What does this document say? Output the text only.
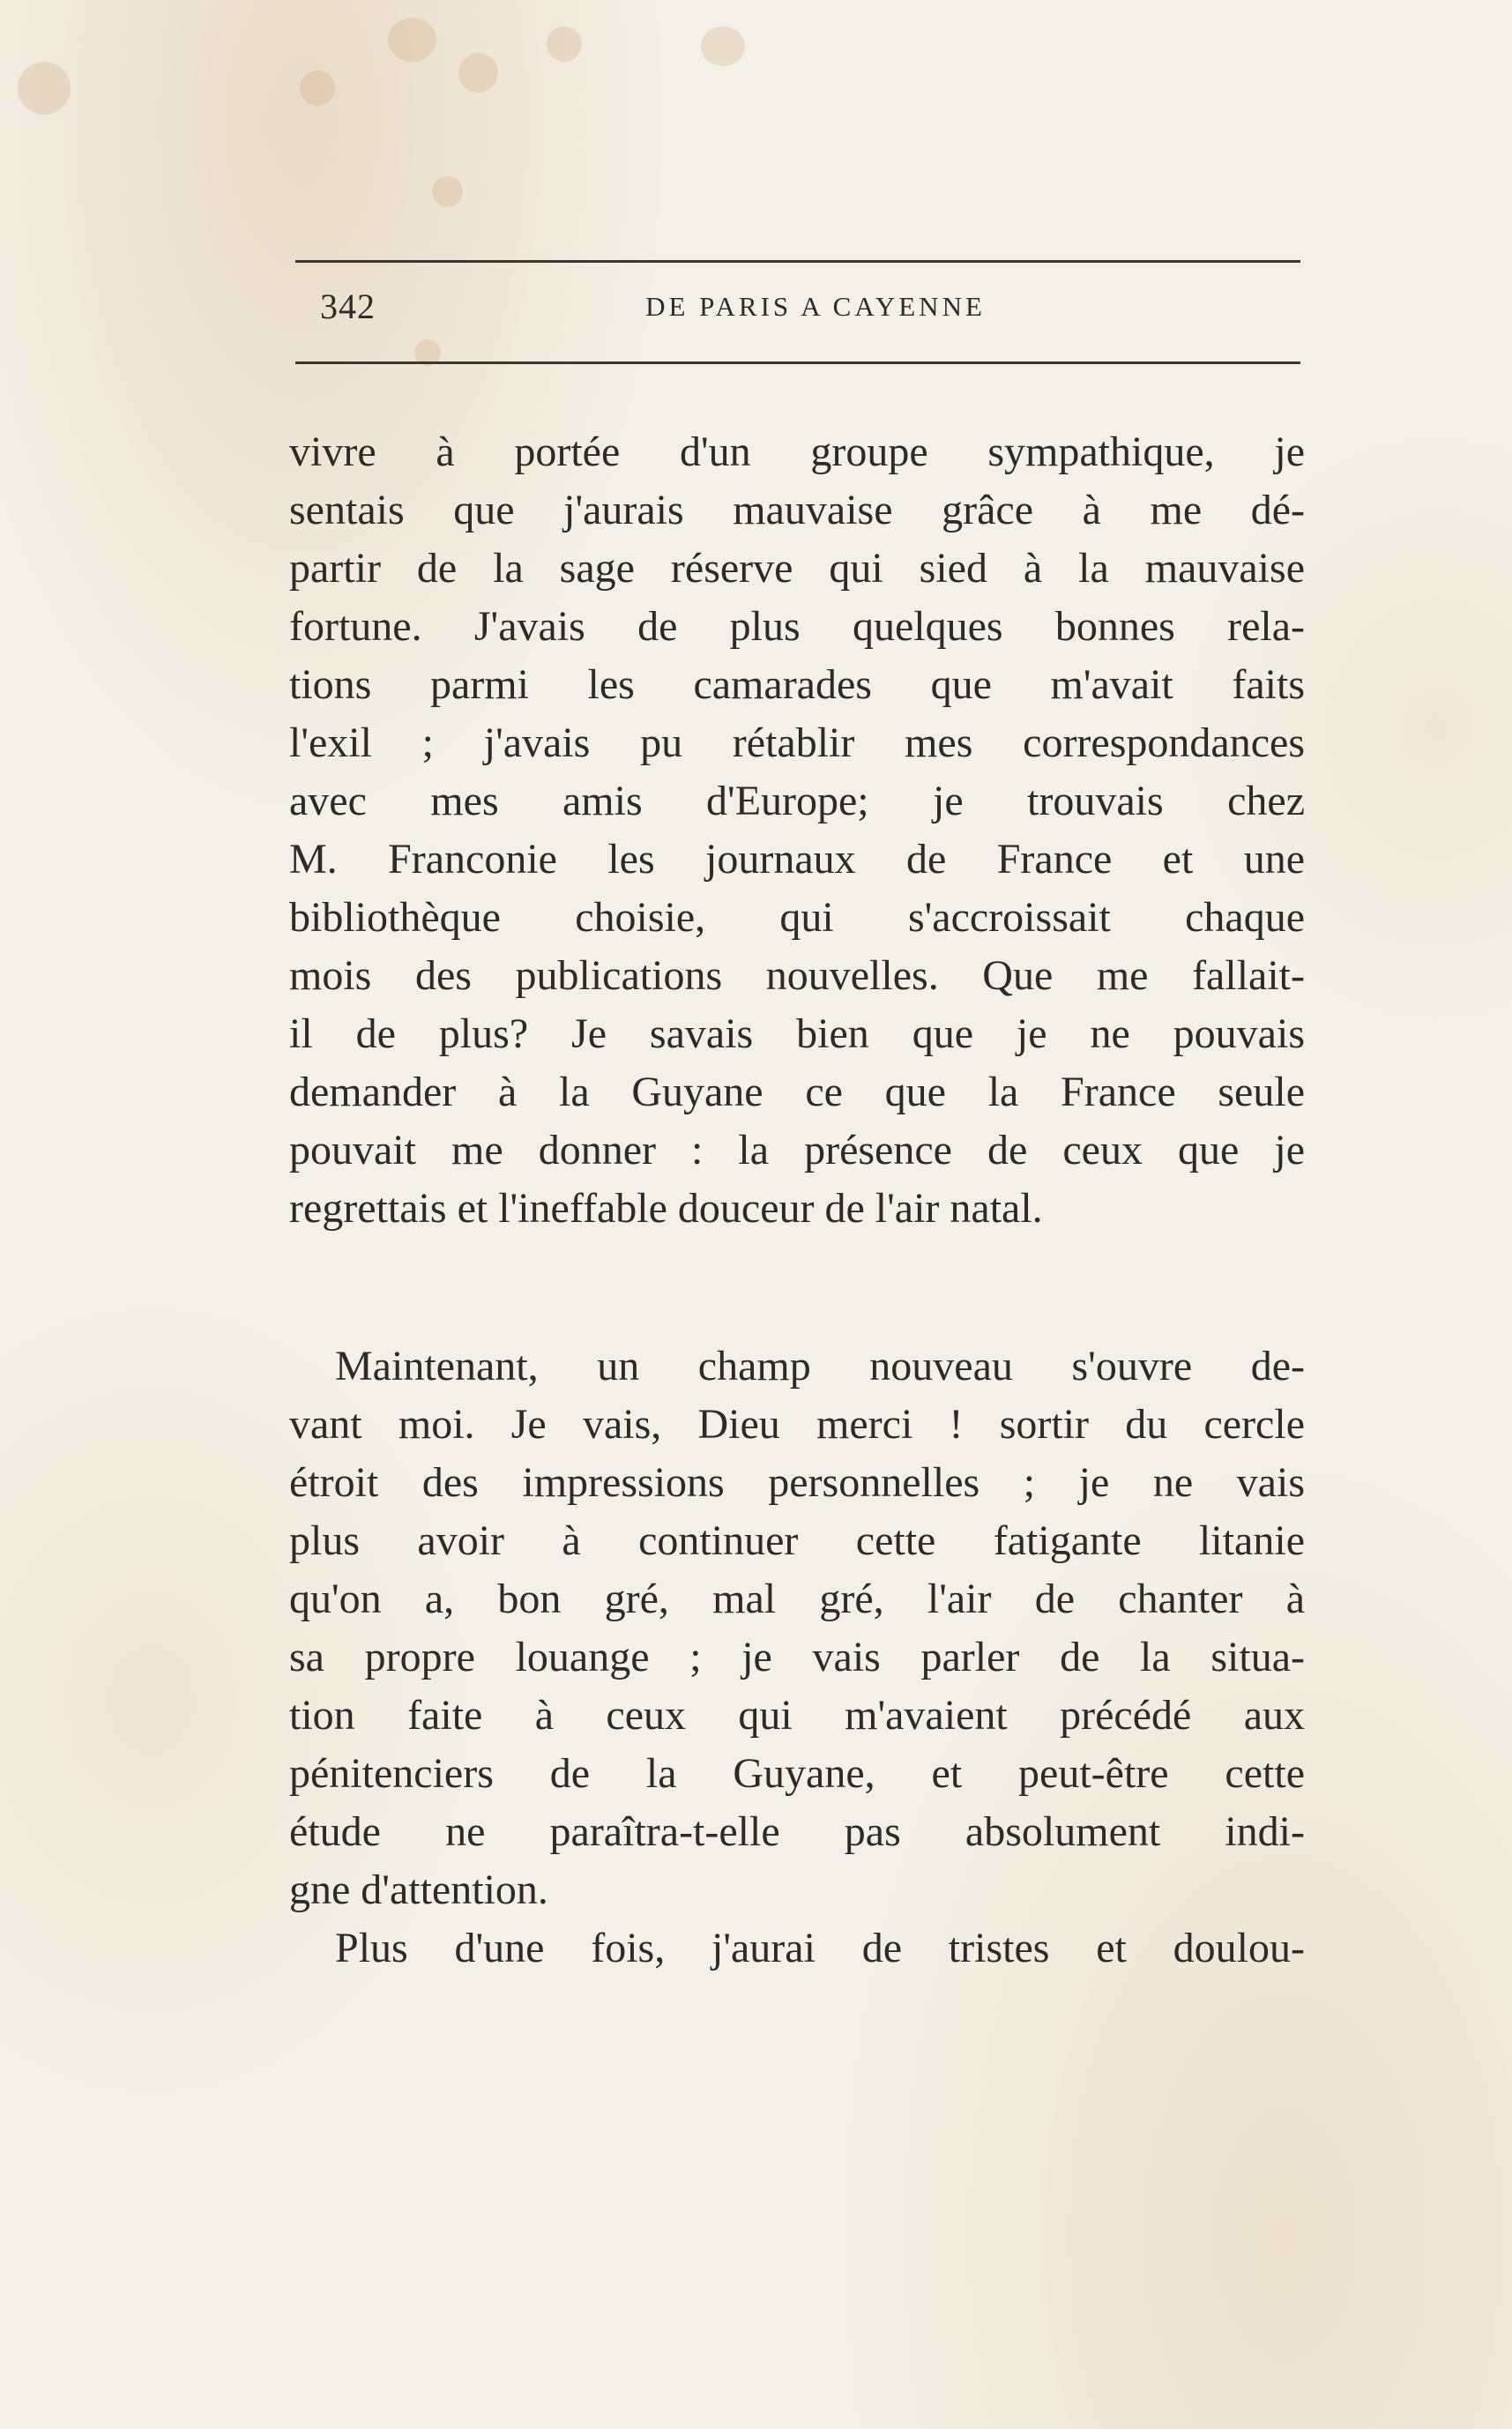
342	DE PARIS A CAYENNE
vivre à portée d'un groupe sympathique, je
sentais que j'aurais mauvaise grâce à me dé-
partir de la sage réserve qui sied à la mauvaise
fortune. J'avais de plus quelques bonnes rela-
tions parmi les camarades que m'avait faits
l'exil ; j'avais pu rétablir mes correspondances
avec mes amis d'Europe; je trouvais chez
M. Franconie les journaux de France et une
bibliothèque choisie, qui s'accroissait chaque
mois des publications nouvelles. Que me fallait-
il de plus? Je savais bien que je ne pouvais
demander à la Guyane ce que la France seule
pouvait me donner : la présence de ceux que je
regrettais et l'ineffable douceur de l'air natal.
Maintenant, un champ nouveau s'ouvre de-
vant moi. Je vais, Dieu merci ! sortir du cercle
étroit des impressions personnelles ; je ne vais
plus avoir à continuer cette fatigante litanie
qu'on a, bon gré, mal gré, l'air de chanter à
sa propre louange ; je vais parler de la situa-
tion faite à ceux qui m'avaient précédé aux
pénitenciers de la Guyane, et peut-être cette
étude ne paraîtra-t-elle pas absolument indi-
gne d'attention.
Plus d'une fois, j'aurai de tristes et doulou-
